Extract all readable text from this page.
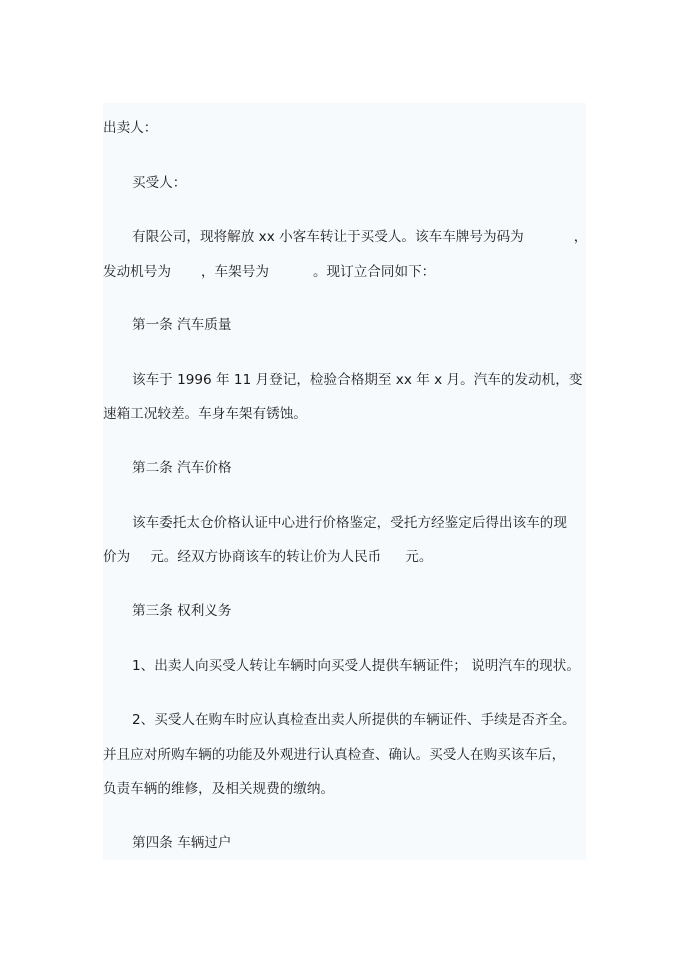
出卖人：
买受人：
有限公司，现将解放 xx 小客车转让于买受人。该车车牌号为码为	，
发动机号为 ，车架号为	。现订立合同如下：
第一条 汽车质量
该车于 1996 年 11 月登记，检验合格期至 xx 年 x 月。汽车的发动机，变
速箱工况较差。车身车架有锈蚀。
第二条 汽车价格
该车委托太仓价格认证中心进行价格鉴定，受托方经鉴定后得出该车的现
价为 元。经双方协商该车的转让价为人民币 元。
第三条 权利义务
1、出卖人向买受人转让车辆时向买受人提供车辆证件； 说明汽车的现状。
2、买受人在购车时应认真检查出卖人所提供的车辆证件、手续是否齐全。
并且应对所购车辆的功能及外观进行认真检查、确认。买受人在购买该车后，
负责车辆的维修，及相关规费的缴纳。
第四条 车辆过户
